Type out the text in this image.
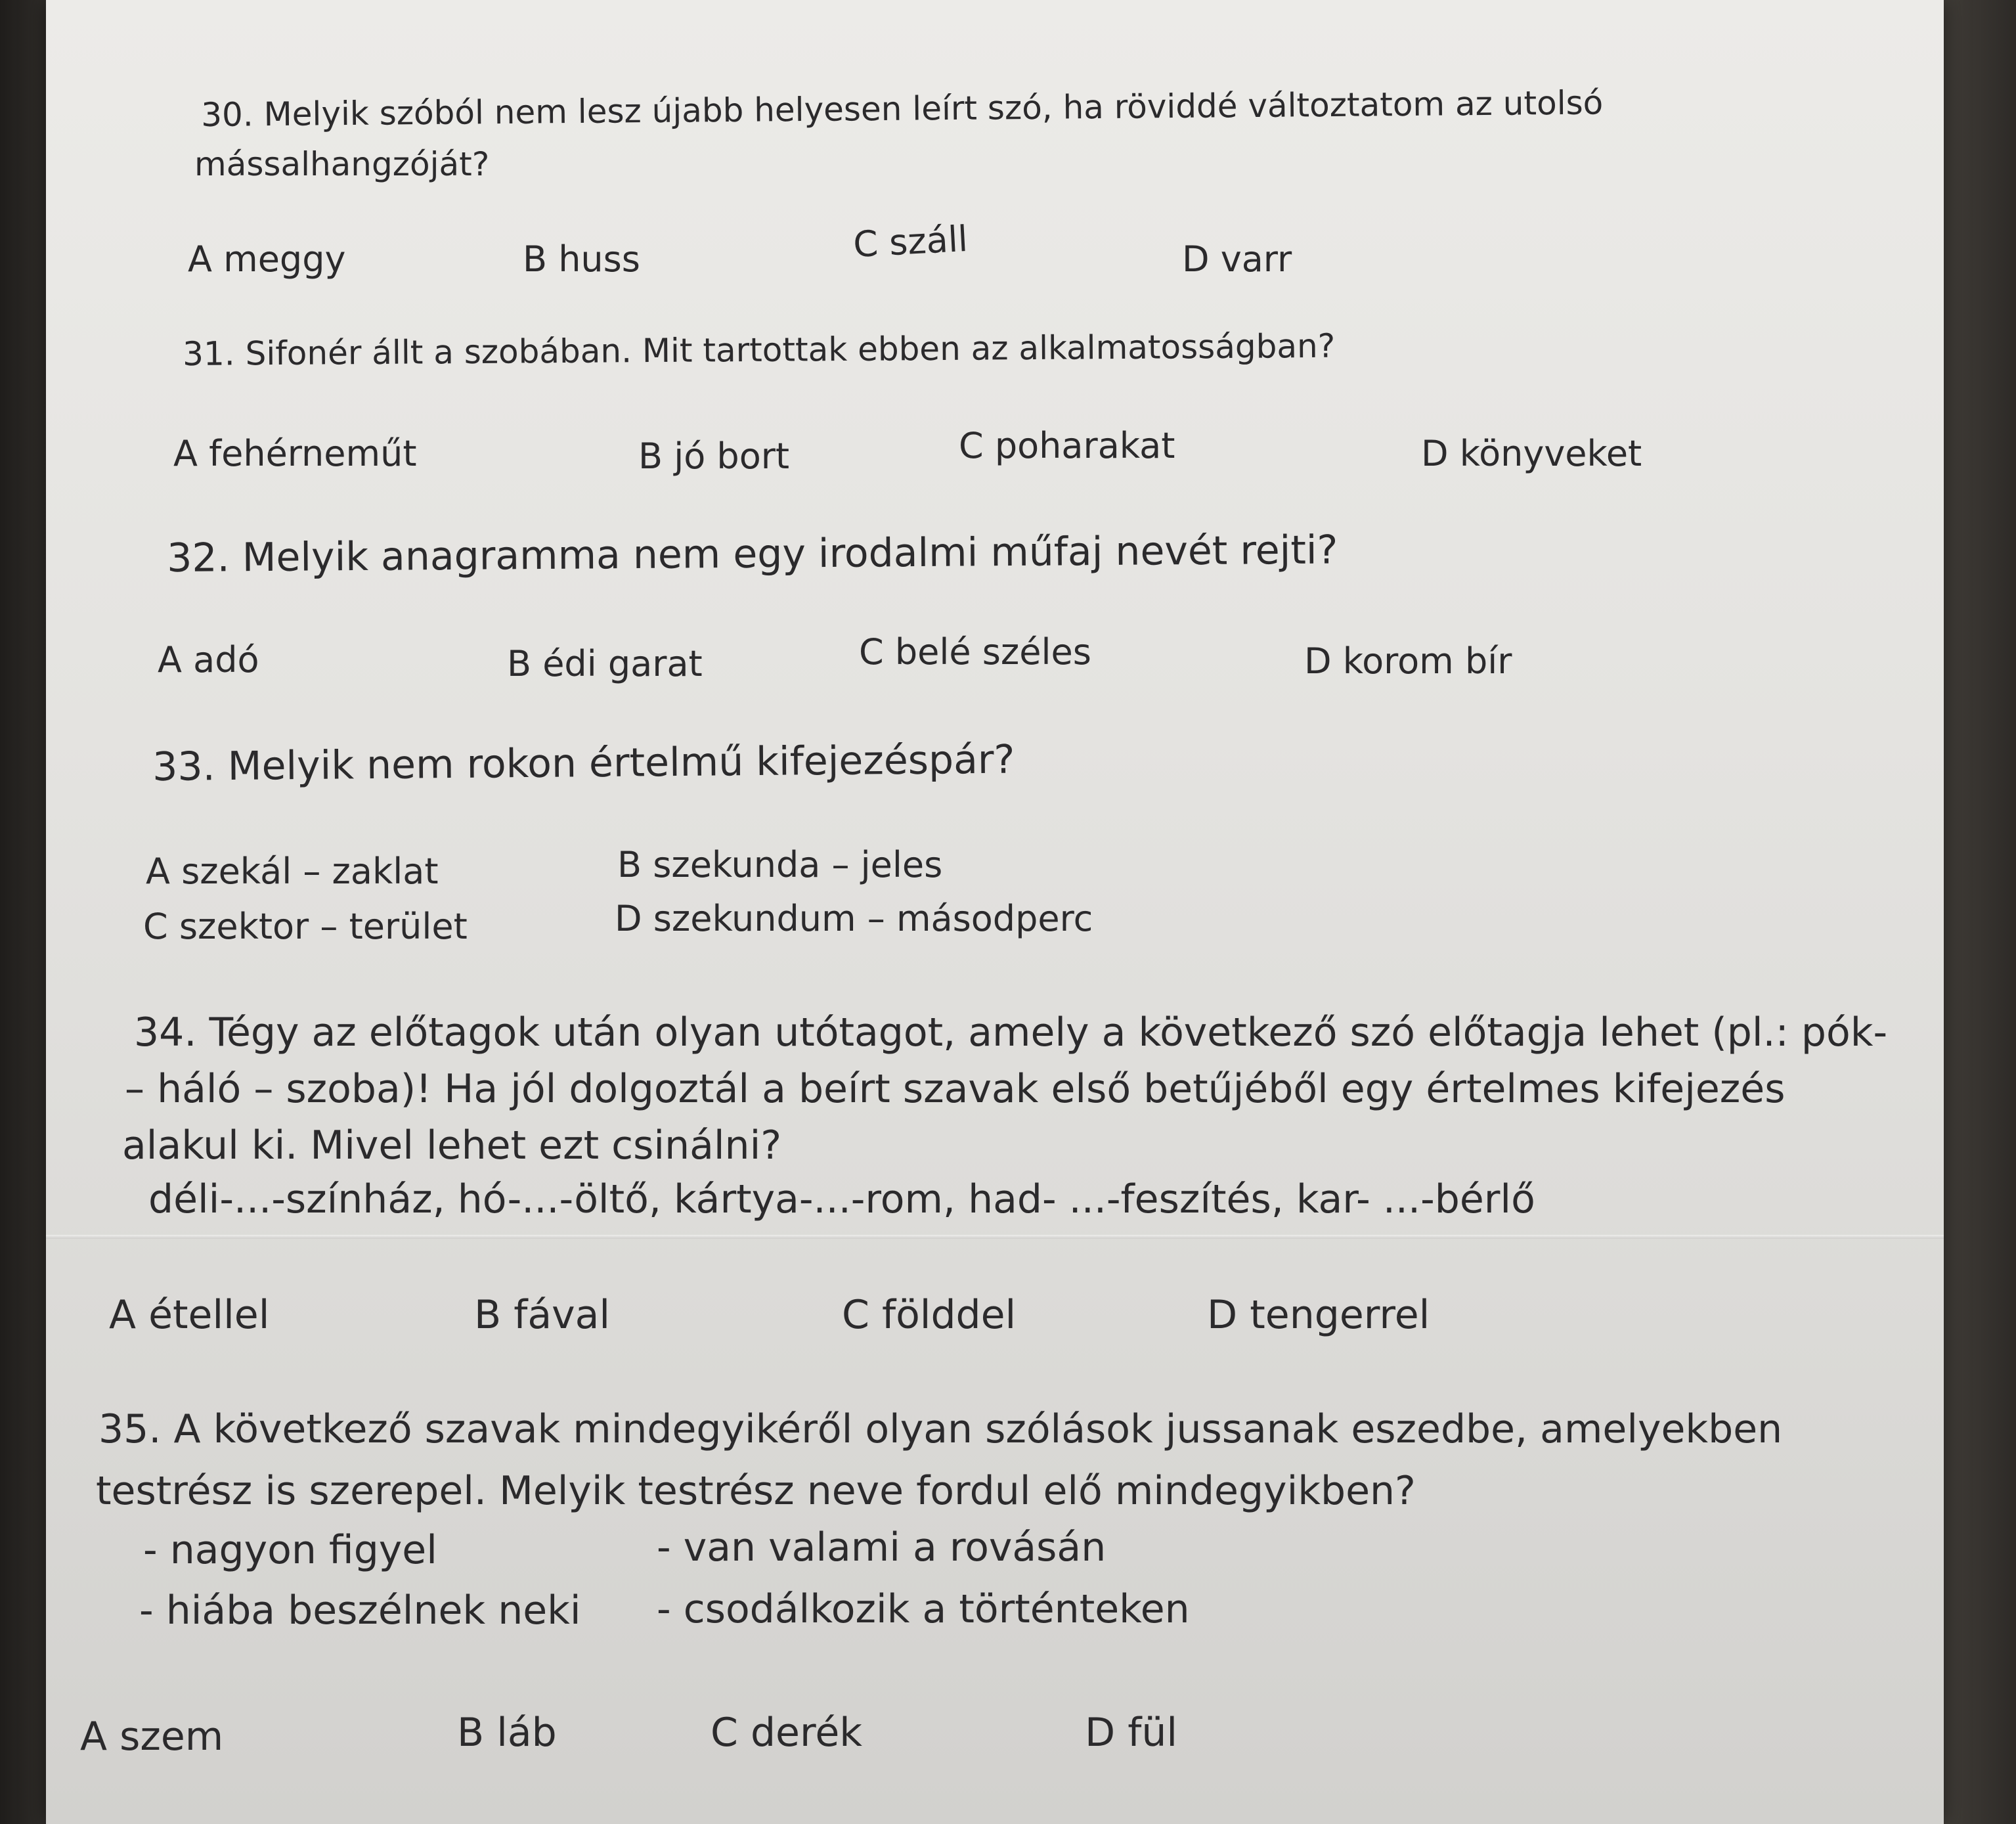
30. Melyik szóból nem lesz újabb helyesen leírt szó, ha röviddé változtatom az utolsó
mássalhangzóját?
A meggy	B huss	C száll	D varr
31. Sifonér állt a szobában. Mit tartottak ebben az alkalmatosságban?
A fehérneműt	B jó bort	C poharakat	D könyveket
32. Melyik anagramma nem egy irodalmi műfaj nevét rejti?
A adó	B édi garat	C belé széles	D korom bír
33. Melyik nem rokon értelmű kifejezéspár?
A szekál – zaklat	B szekunda – jeles
C szektor – terület	D szekundum – másodperc
34. Tégy az előtagok után olyan utótagot, amely a következő szó előtagja lehet (pl.: pók-
– háló – szoba)! Ha jól dolgoztál a beírt szavak első betűjéből egy értelmes kifejezés
alakul ki. Mivel lehet ezt csinálni?
déli-...-színház, hó-...-öltő, kártya-...-rom, had- ...-feszítés, kar- ...-bérlő
A étellel	B fával	C földdel	D tengerrel
35. A következő szavak mindegyikéről olyan szólások jussanak eszedbe, amelyekben
testrész is szerepel. Melyik testrész neve fordul elő mindegyikben?
- nagyon figyel	- van valami a rovásán
- hiába beszélnek neki - csodálkozik a történteken
A szem	B láb	C derék	D fül
